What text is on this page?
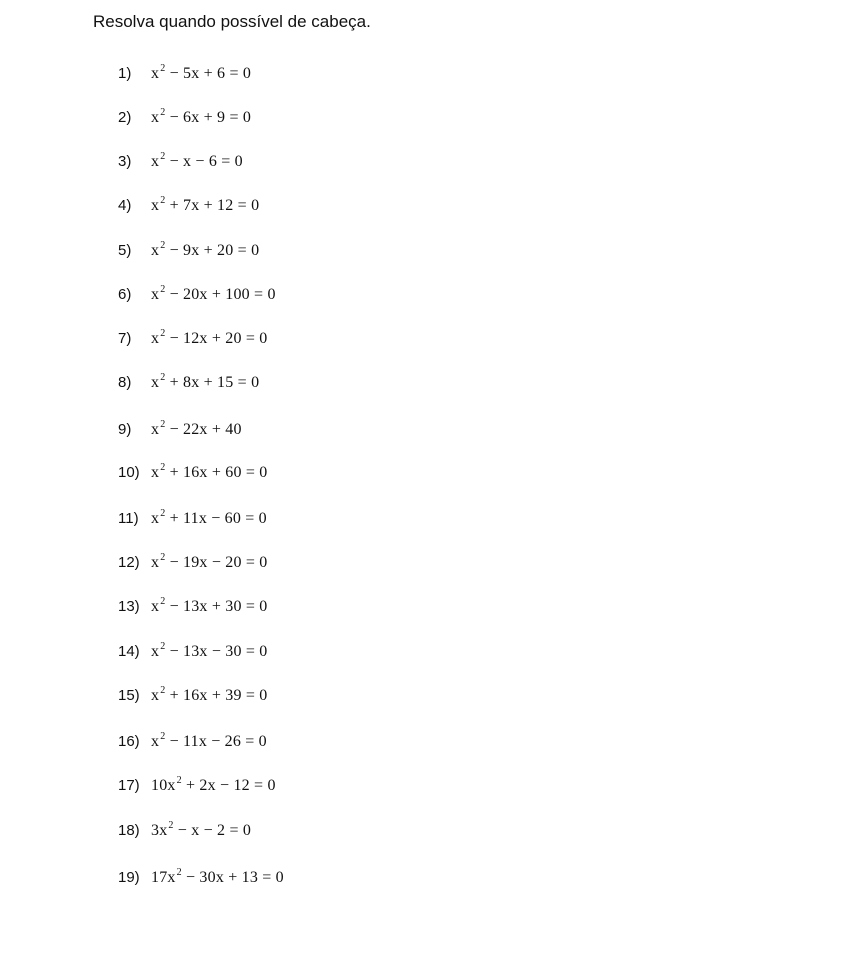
Resolva quando possível de cabeça.
1)	$x^2 - 5x + 6 = 0$
2)	$x^2 - 6x + 9 = 0$
3)	$x^2 - x - 6 = 0$
4)	$x^2 + 7x + 12 = 0$
5)	$x^2 - 9x + 20 = 0$
6)	$x^2 - 20x + 100 = 0$
7)	$x^2 - 12x + 20 = 0$
8)	$x^2 + 8x + 15 = 0$
9)	$x^2 - 22x + 40$
10) $x^2 + 16x + 60 = 0$
11) $x^2 + 11x - 60 = 0$
12) $x^2 - 19x - 20 = 0$
13) $x^2 - 13x + 30 = 0$
14) $x^2 - 13x - 30 = 0$
15) $x^2 + 16x + 39 = 0$
16) $x^2 - 11x - 26 = 0$
17) $10x^2 + 2x - 12 = 0$
18) $3x^2 - x - 2 = 0$
19) $17x^2 - 30x + 13 = 0$
